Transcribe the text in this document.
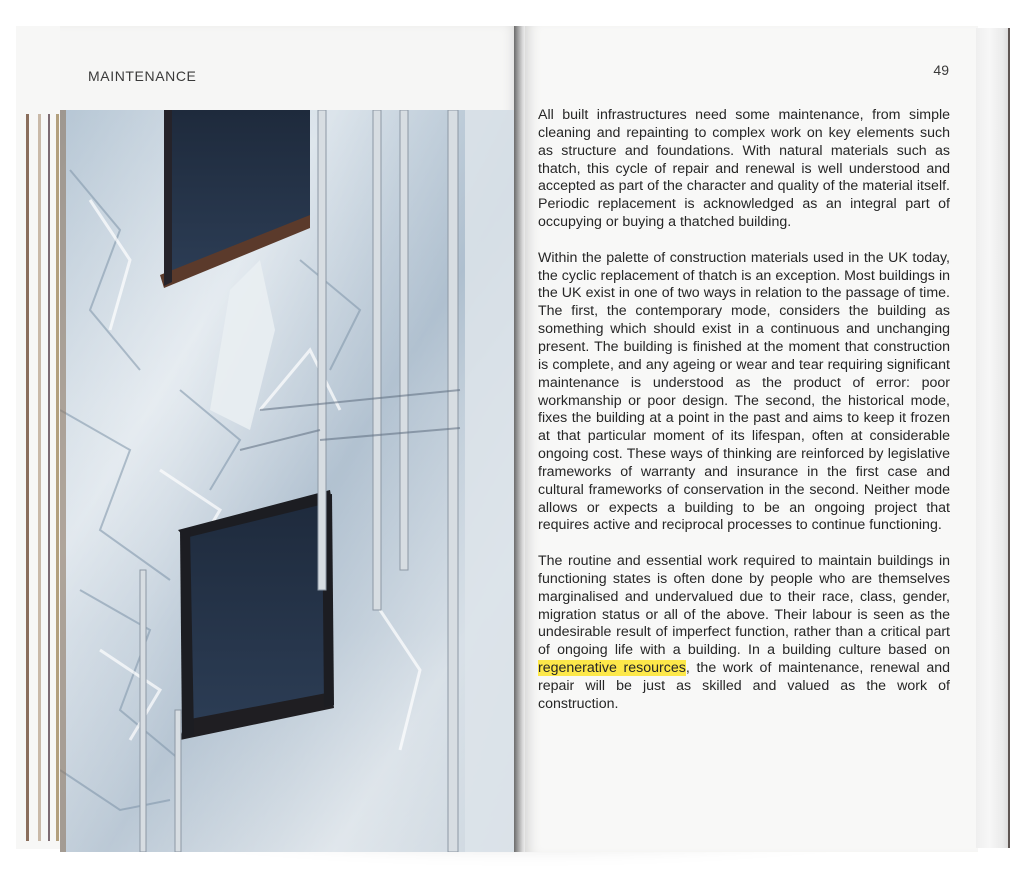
MAINTENANCE	49

All built infrastructures need some maintenance, from simple cleaning and repainting to complex work on key elements such as structure and foundations. With natural materials such as thatch, this cycle of repair and renewal is well understood and accepted as part of the character and quality of the material itself. Periodic replacement is acknowledged as an integral part of occupying or buying a thatched building.

Within the palette of construction materials used in the UK today, the cyclic replacement of thatch is an exception. Most buildings in the UK exist in one of two ways in relation to the passage of time. The first, the contemporary mode, considers the building as something which should exist in a continuous and unchanging present. The building is finished at the moment that construction is complete, and any ageing or wear and tear requiring significant maintenance is understood as the product of error: poor workmanship or poor design. The second, the historical mode, fixes the building at a point in the past and aims to keep it frozen at that particular moment of its lifespan, often at considerable ongoing cost. These ways of thinking are reinforced by legislative frameworks of warranty and insurance in the first case and cultural frameworks of conservation in the second. Neither mode allows or expects a building to be an ongoing project that requires active and reciprocal processes to continue functioning.

The routine and essential work required to maintain buildings in functioning states is often done by people who are themselves marginalised and undervalued due to their race, class, gender, migration status or all of the above. Their labour is seen as the undesirable result of imperfect function, rather than a critical part of ongoing life with a building. In a building culture based on regenerative resources, the work of maintenance, renewal and repair will be just as skilled and valued as the work of construction.
